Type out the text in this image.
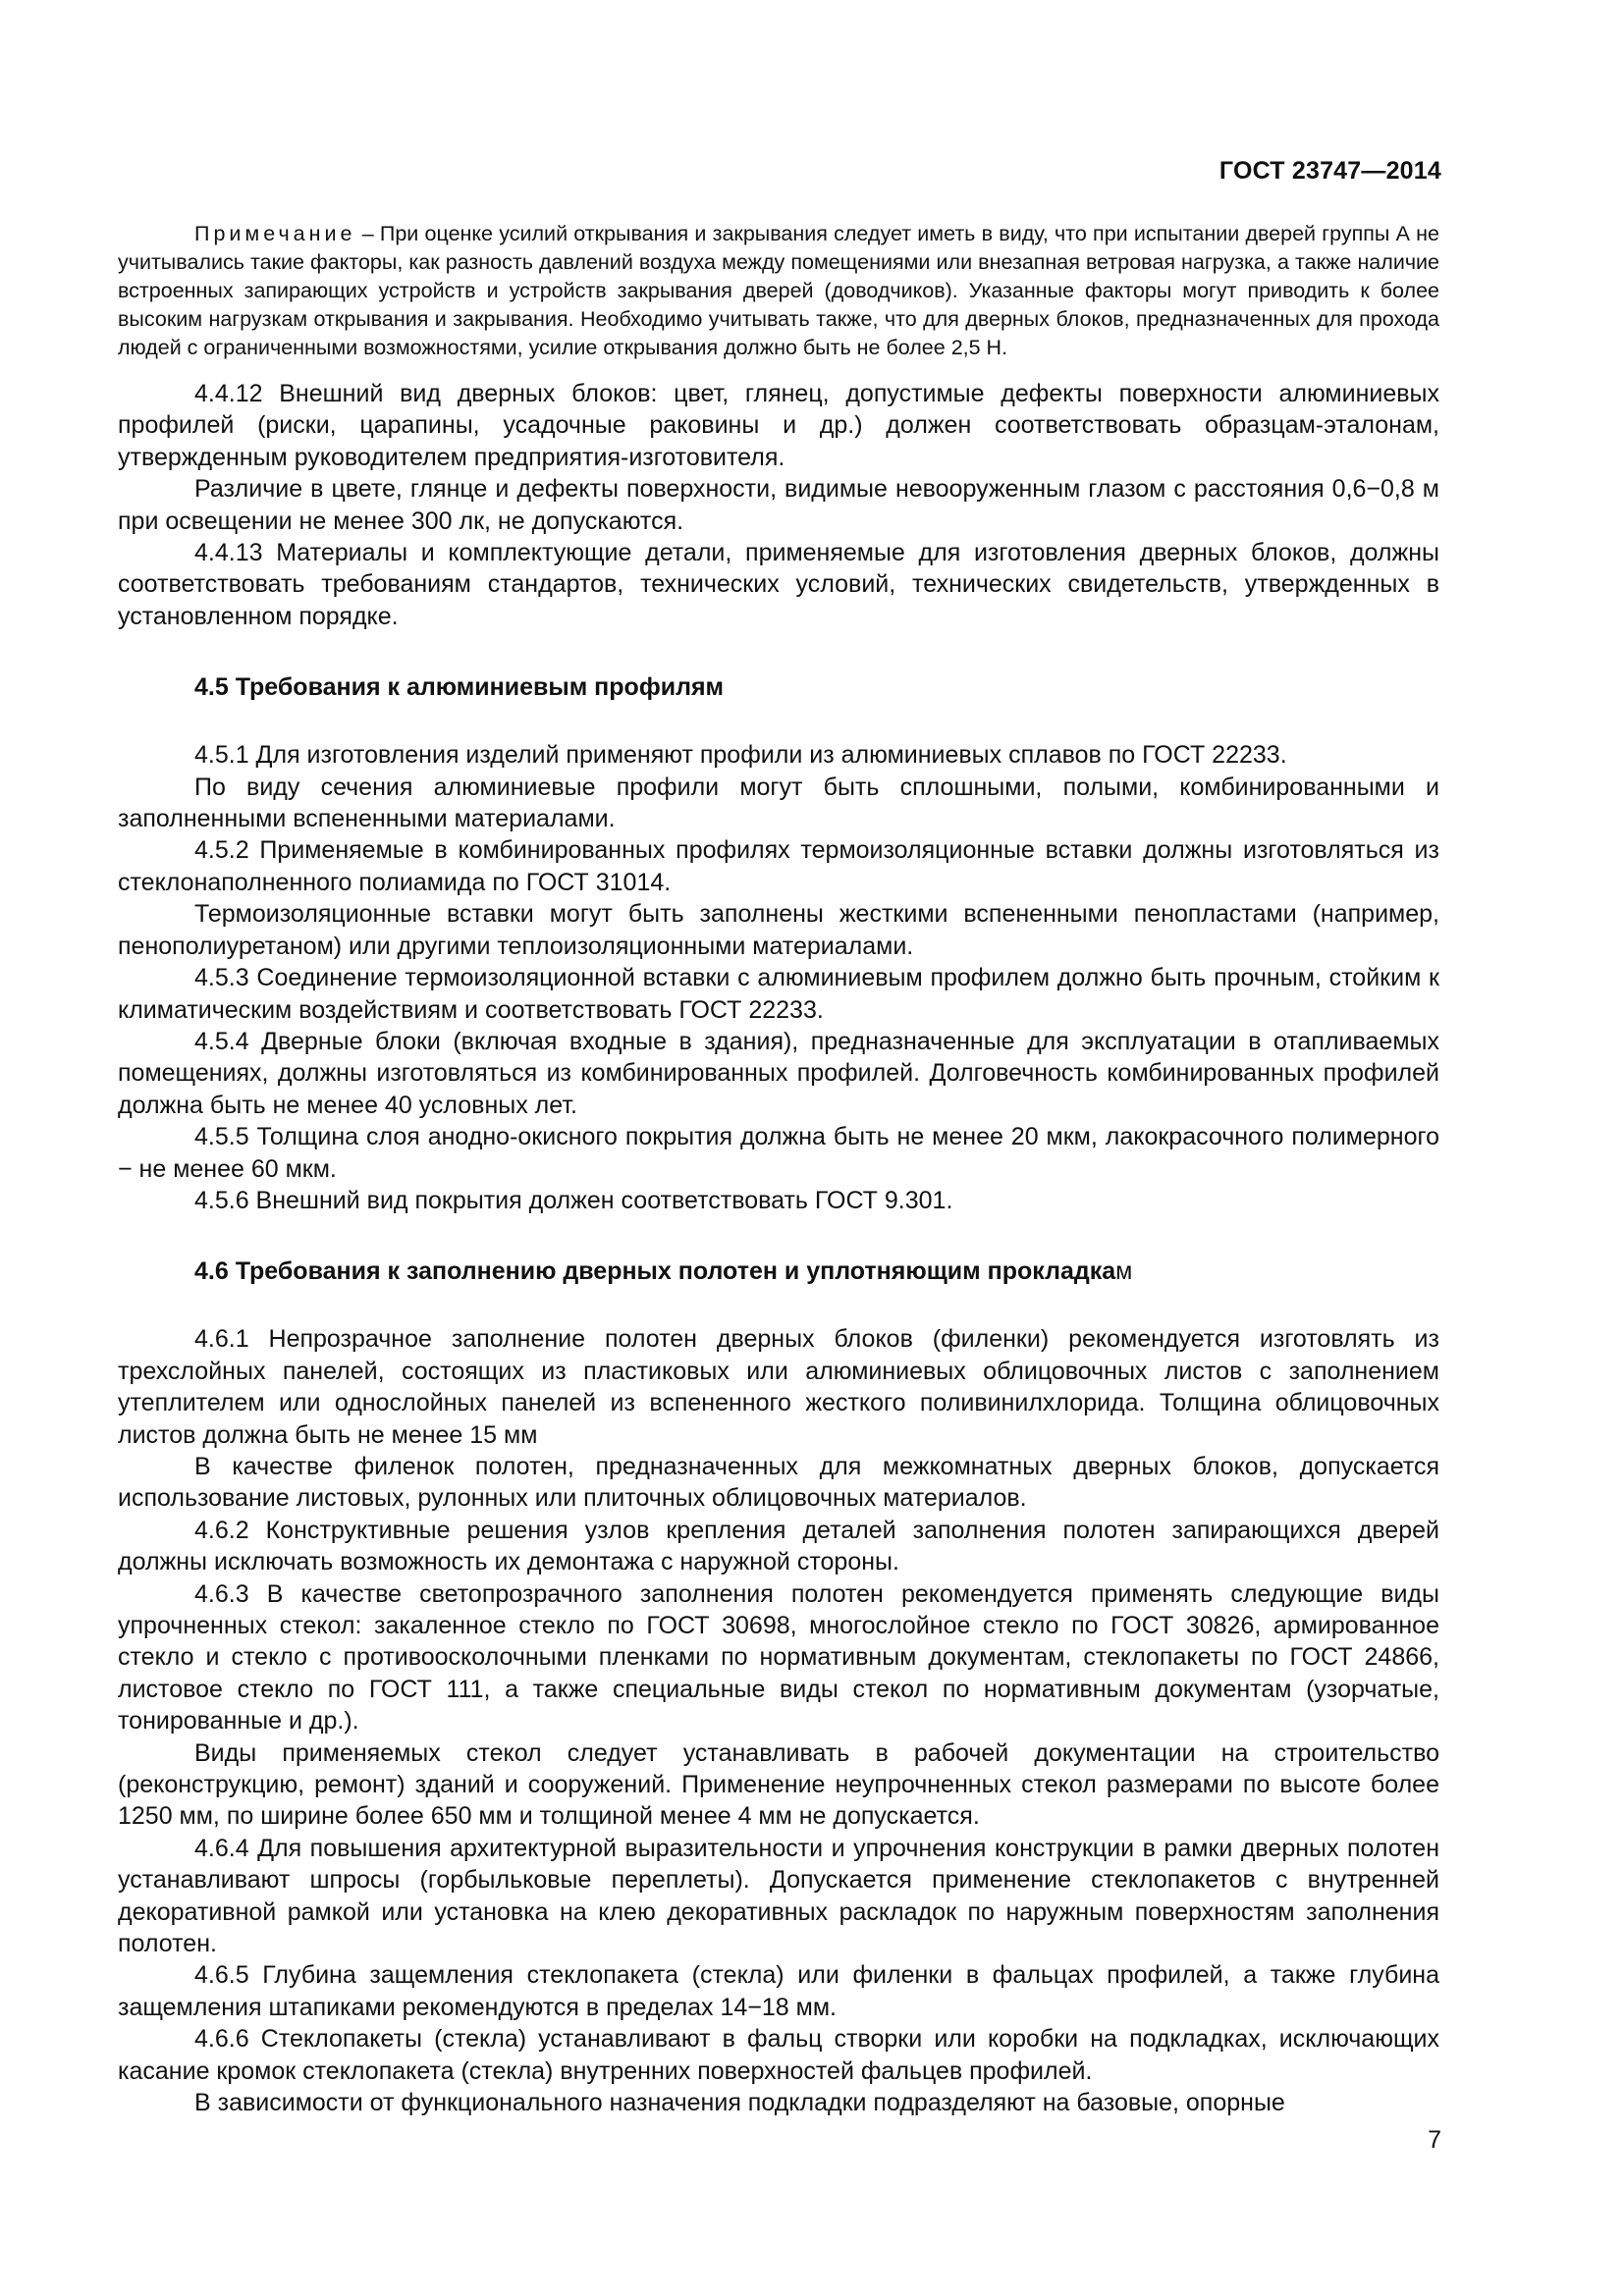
ГОСТ 23747—2014
Примечание – При оценке усилий открывания и закрывания следует иметь в виду, что при испытании дверей группы А не учитывались такие факторы, как разность давлений воздуха между помещениями или внезапная ветровая нагрузка, а также наличие встроенных запирающих устройств и устройств закрывания дверей (доводчиков). Указанные факторы могут приводить к более высоким нагрузкам открывания и закрывания. Необходимо учитывать также, что для дверных блоков, предназначенных для прохода людей с ограниченными возможностями, усилие открывания должно быть не более 2,5 Н.

4.4.12 Внешний вид дверных блоков: цвет, глянец, допустимые дефекты поверхности алюминиевых профилей (риски, царапины, усадочные раковины и др.) должен соответствовать образцам-эталонам, утвержденным руководителем предприятия-изготовителя.

Различие в цвете, глянце и дефекты поверхности, видимые невооруженным глазом с расстояния 0,6−0,8 м при освещении не менее 300 лк, не допускаются.

4.4.13 Материалы и комплектующие детали, применяемые для изготовления дверных блоков, должны соответствовать требованиям стандартов, технических условий, технических свидетельств, утвержденных в установленном порядке.

4.5 Требования к алюминиевым профилям

4.5.1 Для изготовления изделий применяют профили из алюминиевых сплавов по ГОСТ 22233.

По виду сечения алюминиевые профили могут быть сплошными, полыми, комбинированными и заполненными вспененными материалами.

4.5.2 Применяемые в комбинированных профилях термоизоляционные вставки должны изготовляться из стеклонаполненного полиамида по ГОСТ 31014.

Термоизоляционные вставки могут быть заполнены жесткими вспененными пенопластами (например, пенополиуретаном) или другими теплоизоляционными материалами.

4.5.3 Соединение термоизоляционной вставки с алюминиевым профилем должно быть прочным, стойким к климатическим воздействиям и соответствовать ГОСТ 22233.

4.5.4 Дверные блоки (включая входные в здания), предназначенные для эксплуатации в отапливаемых помещениях, должны изготовляться из комбинированных профилей. Долговечность комбинированных профилей должна быть не менее 40 условных лет.

4.5.5 Толщина слоя анодно-окисного покрытия должна быть не менее 20 мкм, лакокрасочного полимерного − не менее 60 мкм.

4.5.6 Внешний вид покрытия должен соответствовать ГОСТ 9.301.

4.6 Требования к заполнению дверных полотен и уплотняющим прокладкам

4.6.1 Непрозрачное заполнение полотен дверных блоков (филенки) рекомендуется изготовлять из трехслойных панелей, состоящих из пластиковых или алюминиевых облицовочных листов с заполнением утеплителем или однослойных панелей из вспененного жесткого поливинилхлорида. Толщина облицовочных листов должна быть не менее 15 мм

В качестве филенок полотен, предназначенных для межкомнатных дверных блоков, допускается использование листовых, рулонных или плиточных облицовочных материалов.

4.6.2 Конструктивные решения узлов крепления деталей заполнения полотен запирающихся дверей должны исключать возможность их демонтажа с наружной стороны.

4.6.3 В качестве светопрозрачного заполнения полотен рекомендуется применять следующие виды упрочненных стекол: закаленное стекло по ГОСТ 30698, многослойное стекло по ГОСТ 30826, армированное стекло и стекло с противоосколочными пленками по нормативным документам, стеклопакеты по ГОСТ 24866, листовое стекло по ГОСТ 111, а также специальные виды стекол по нормативным документам (узорчатые, тонированные и др.).

Виды применяемых стекол следует устанавливать в рабочей документации на строительство (реконструкцию, ремонт) зданий и сооружений. Применение неупрочненных стекол размерами по высоте более 1250 мм, по ширине более 650 мм и толщиной менее 4 мм не допускается.

4.6.4 Для повышения архитектурной выразительности и упрочнения конструкции в рамки дверных полотен устанавливают шпросы (горбыльковые переплеты). Допускается применение стеклопакетов с внутренней декоративной рамкой или установка на клею декоративных раскладок по наружным поверхностям заполнения полотен.

4.6.5 Глубина защемления стеклопакета (стекла) или филенки в фальцах профилей, а также глубина защемления штапиками рекомендуются в пределах 14−18 мм.

4.6.6 Стеклопакеты (стекла) устанавливают в фальц створки или коробки на подкладках, исключающих касание кромок стеклопакета (стекла) внутренних поверхностей фальцев профилей.

В зависимости от функционального назначения подкладки подразделяют на базовые, опорные

7
